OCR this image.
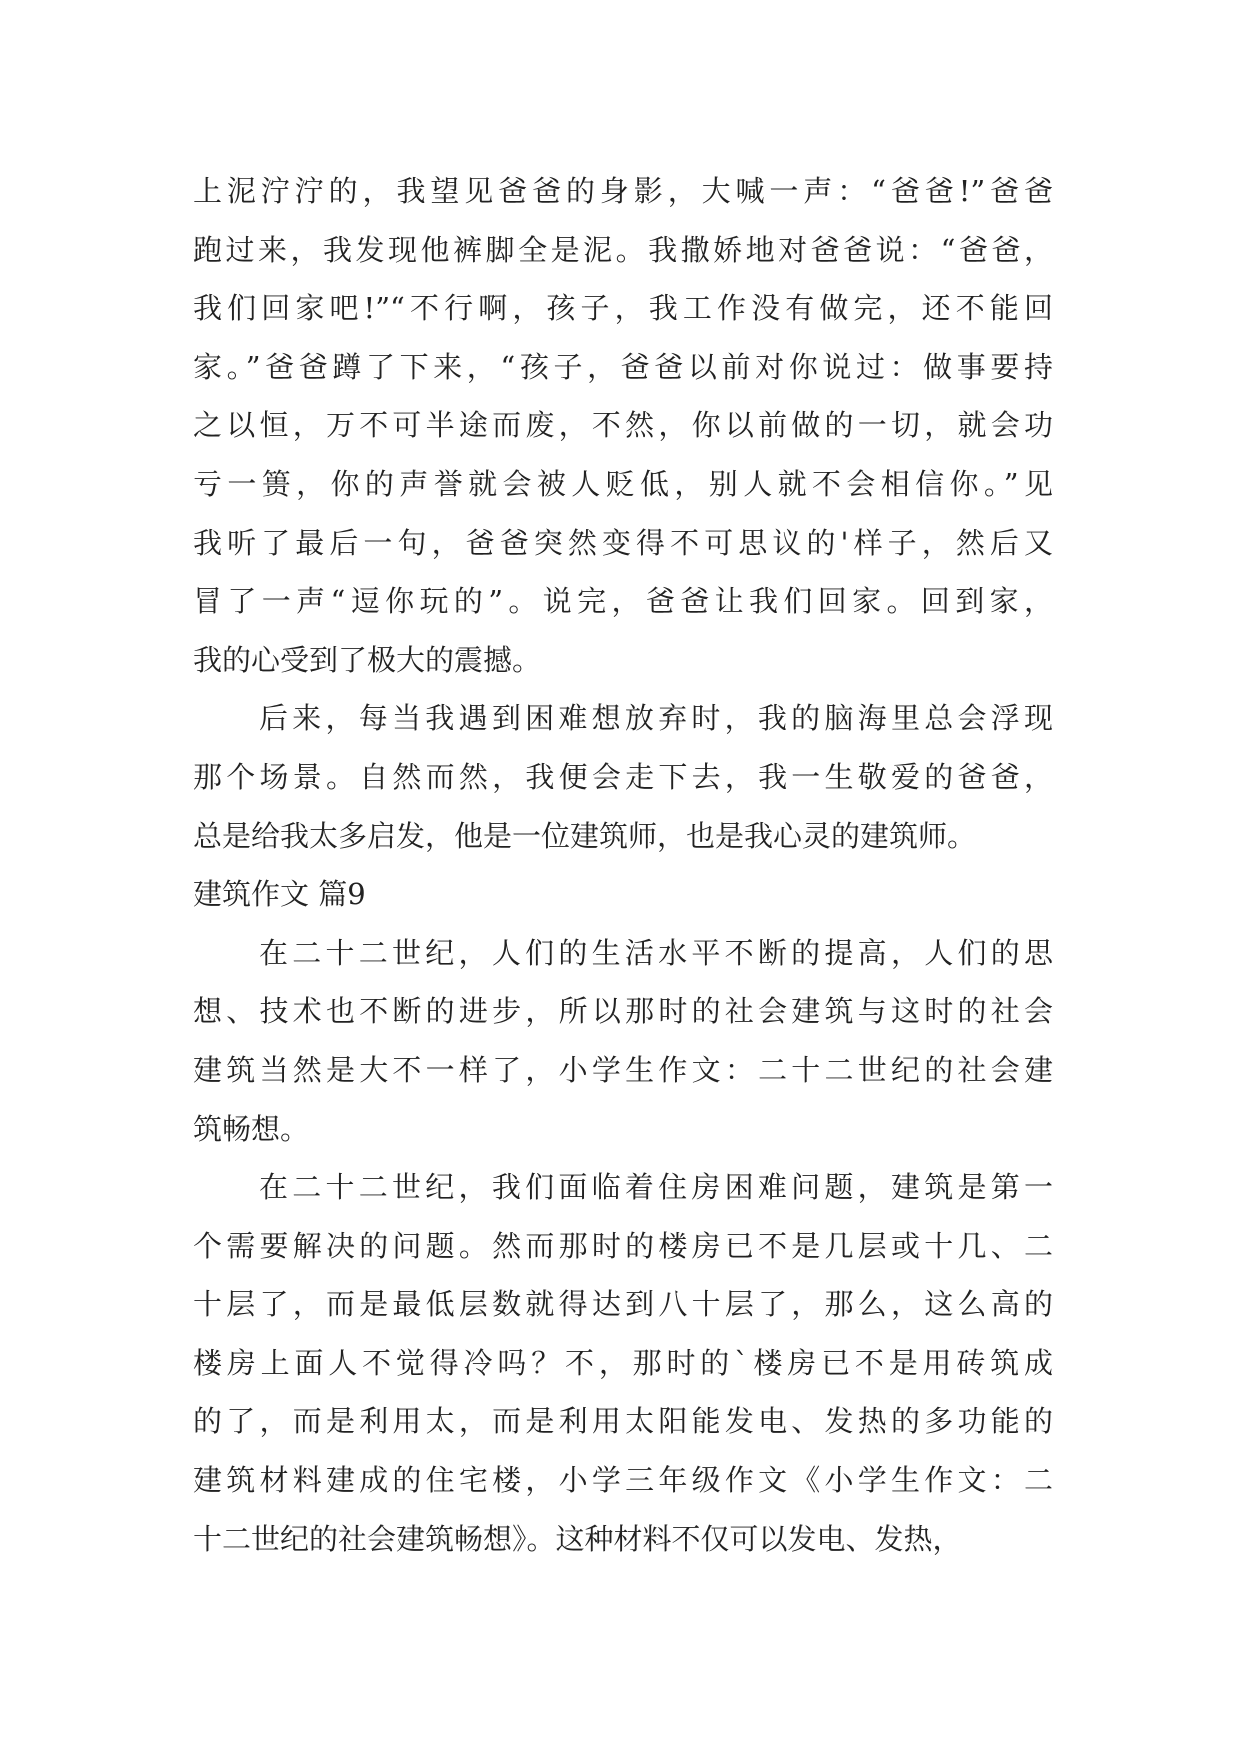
上泥泞泞的，我望见爸爸的身影，大喊一声：“爸爸!”爸爸
跑过来，我发现他裤脚全是泥。我撒娇地对爸爸说：“爸爸，
我们回家吧!”“不行啊，孩子，我工作没有做完，还不能回
家。”爸爸蹲了下来，“孩子，爸爸以前对你说过：做事要持
之以恒，万不可半途而废，不然，你以前做的一切，就会功
亏一篑，你的声誉就会被人贬低，别人就不会相信你。”见
我听了最后一句，爸爸突然变得不可思议的'样子，然后又
冒了一声“逗你玩的”。说完，爸爸让我们回家。回到家，
我的心受到了极大的震撼。
后来，每当我遇到困难想放弃时，我的脑海里总会浮现
那个场景。自然而然，我便会走下去，我一生敬爱的爸爸，
总是给我太多启发，他是一位建筑师，也是我心灵的建筑师。
建筑作文 篇9
在二十二世纪，人们的生活水平不断的提高，人们的思
想、技术也不断的进步，所以那时的社会建筑与这时的社会
建筑当然是大不一样了，小学生作文：二十二世纪的社会建
筑畅想。
在二十二世纪，我们面临着住房困难问题，建筑是第一
个需要解决的问题。然而那时的楼房已不是几层或十几、二
十层了，而是最低层数就得达到八十层了，那么，这么高的
楼房上面人不觉得冷吗？不，那时的`楼房已不是用砖筑成
的了，而是利用太，而是利用太阳能发电、发热的多功能的
建筑材料建成的住宅楼，小学三年级作文《小学生作文：二
十二世纪的社会建筑畅想》。这种材料不仅可以发电、发热，
